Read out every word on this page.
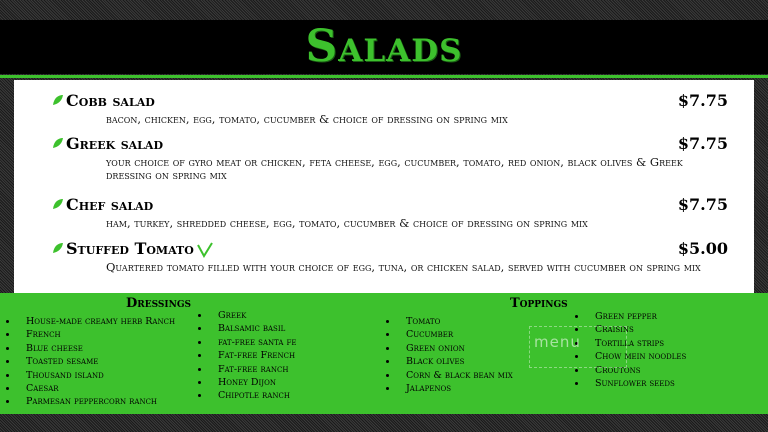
Salads
Cobb salad	$7.75
bacon, chicken, egg, tomato, cucumber & choice of dressing on spring mix
Greek salad	$7.75
your choice of gyro meat or chicken, feta cheese, egg, cucumber, tomato, red onion, black olives & Greek dressing on spring mix
Chef salad	$7.75
ham, turkey, shredded cheese, egg, tomato, cucumber & choice of dressing on spring mix
Stuffed Tomato	$5.00
Quartered tomato filled with your choice of egg, tuna, or chicken salad, served with cucumber on spring mix
Dressings
House-made creamy herb Ranch
French
Blue cheese
Toasted sesame
Thousand island
Caesar
Parmesan peppercorn ranch
Greek
Balsamic basil
fat-free santa fe
Fat-free French
Fat-free ranch
Honey Dijon
Chipotle ranch
Toppings
Tomato
Cucumber
Green onion
Black olives
Corn & black bean mix
Jalapenos
Green pepper
Craisins
Tortilla strips
Chow mein noodles
Croutons
Sunflower seeds
menu
